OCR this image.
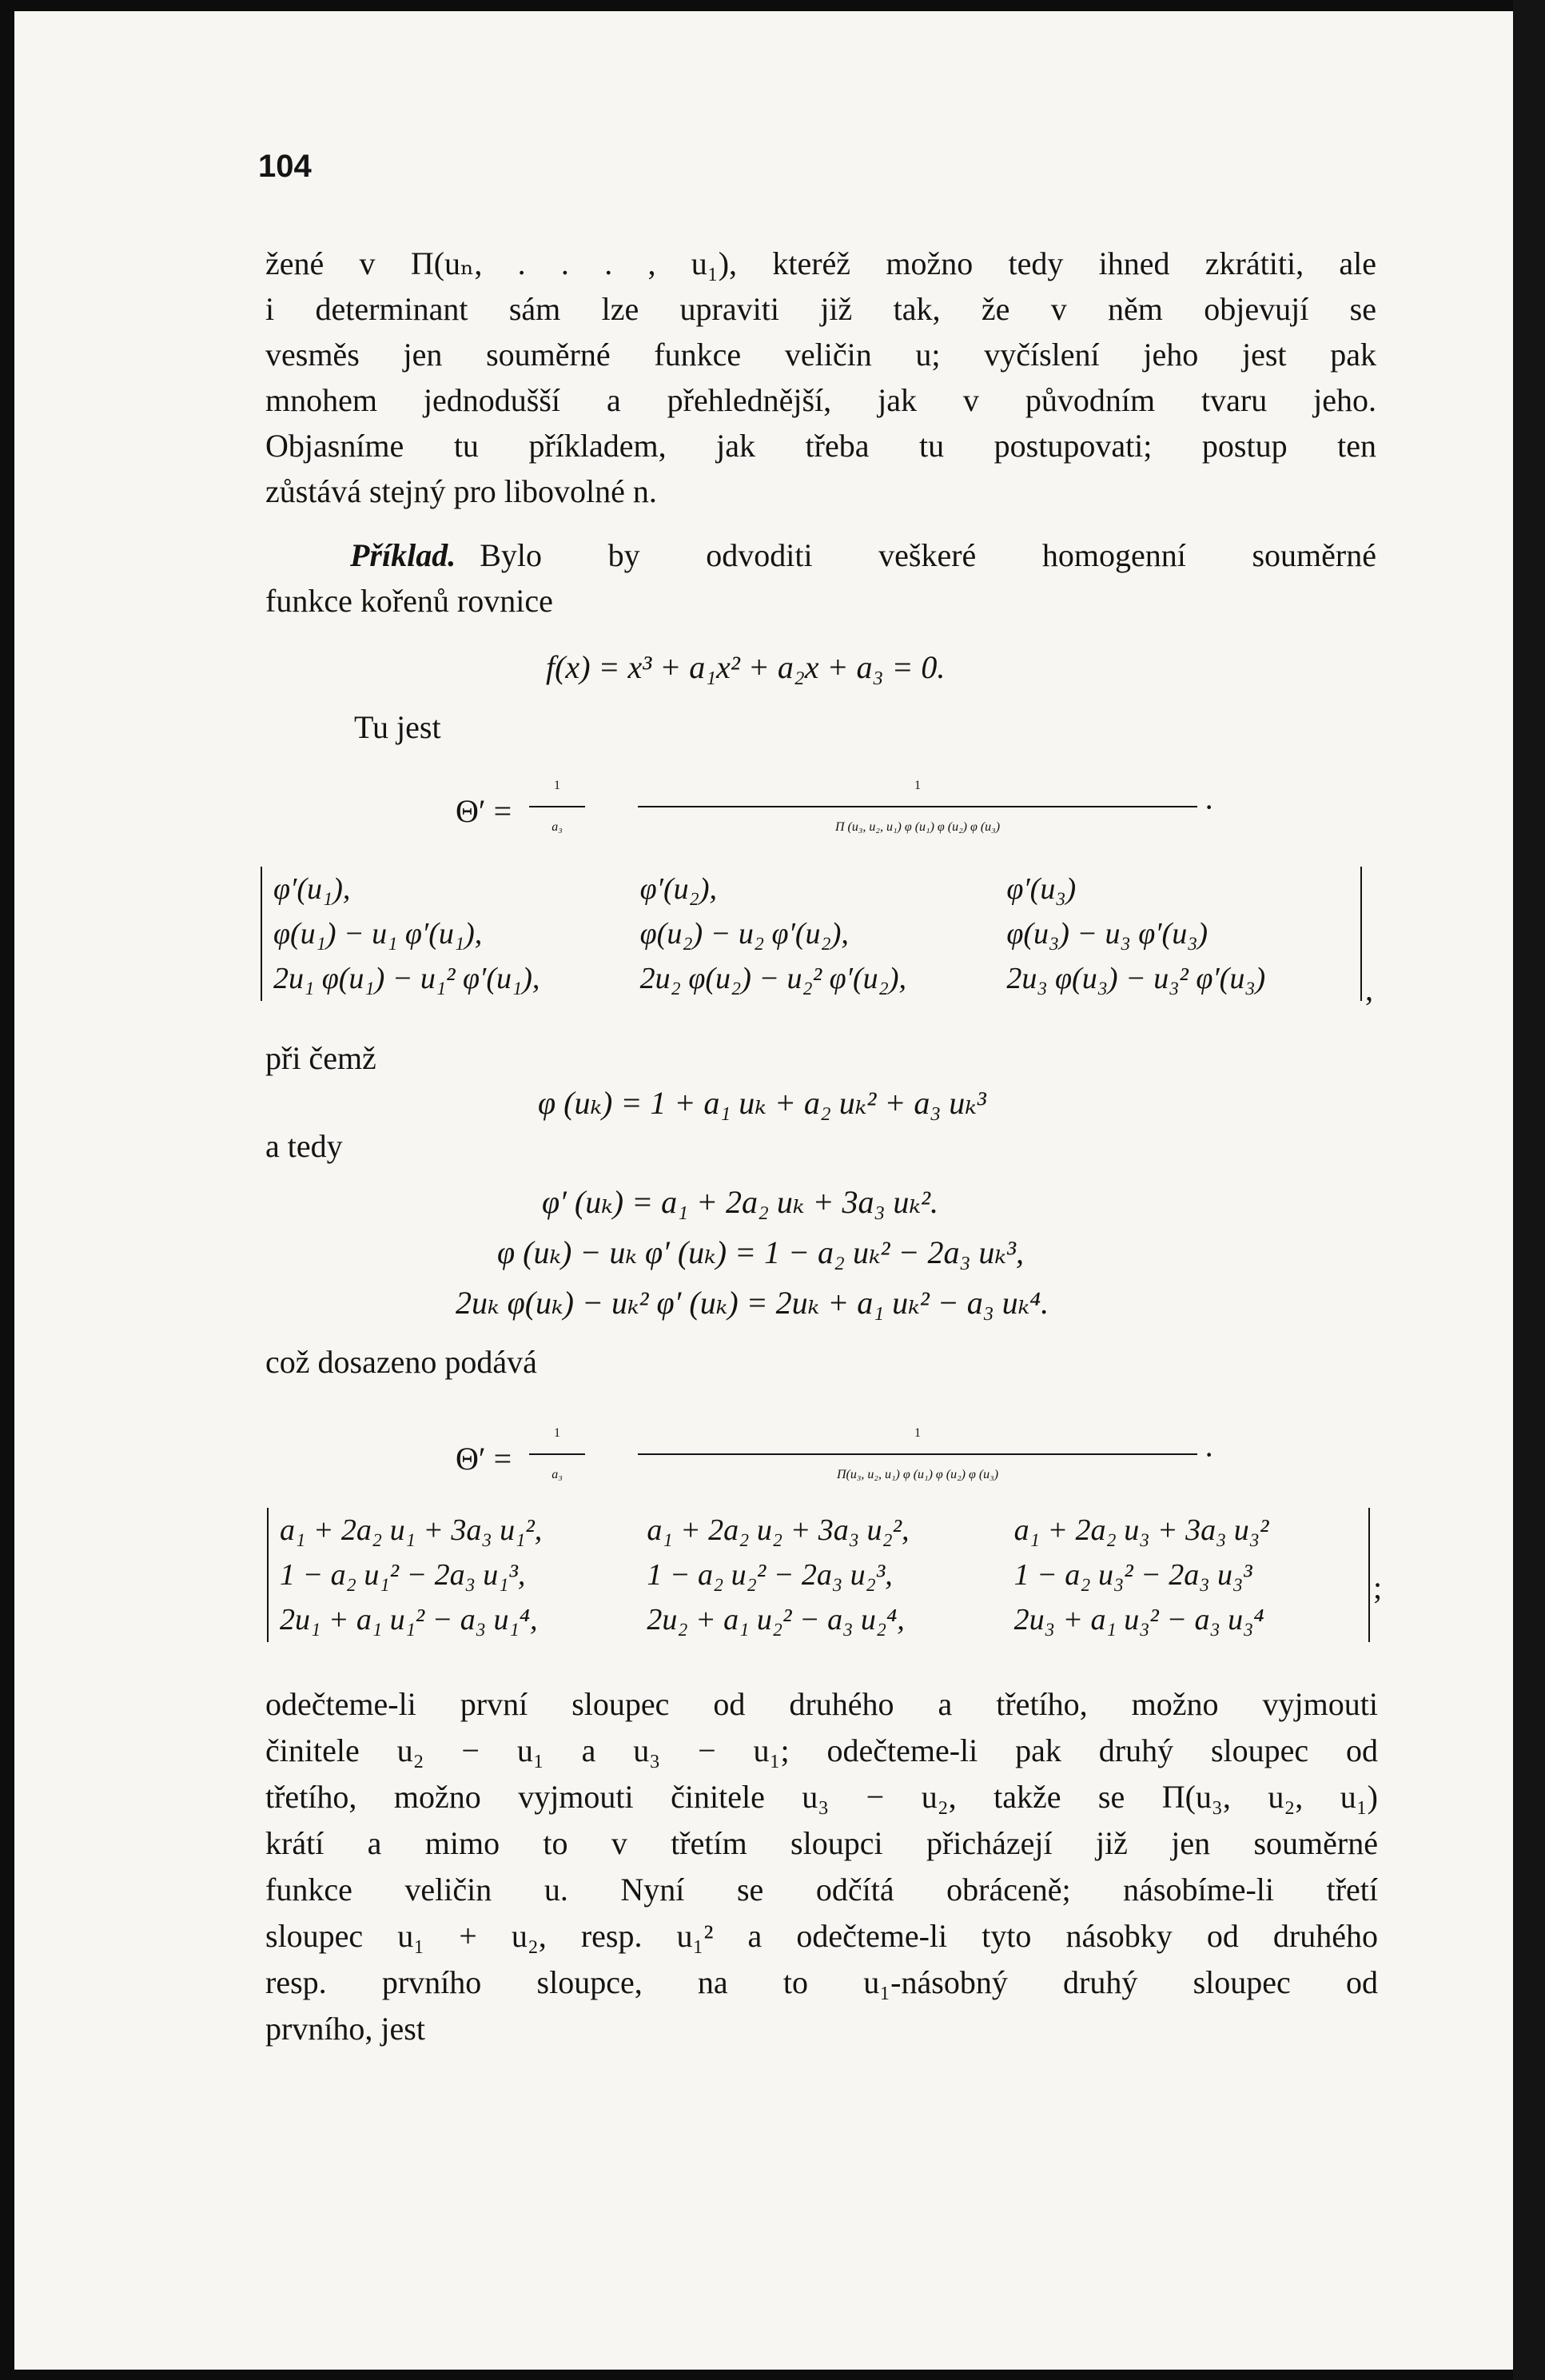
104
žené v Π(uₙ, . . . , u₁), kteréž možno tedy ihned zkrátiti, ale
i determinant sám lze upraviti již tak, že v něm objevují se
vesměs jen souměrné funkce veličin u; vyčíslení jeho jest pak
mnohem jednodušší a přehlednější, jak v původním tvaru jeho.
Objasníme tu příkladem, jak třeba tu postupovati; postup ten
zůstává stejný pro libovolné n.
Příklad. Bylo by odvoditi veškeré homogenní souměrné
funkce kořenů rovnice
f(x) = x³ + a₁x² + a₂x + a₃ = 0.
Tu jest
$\Theta' = \frac{1}{\text{a₃}}$	$\frac{1}{\text{Π (u₃, u₂, u₁) φ (u₁) φ (u₂) φ (u₃)}}$ ·
φ′(u₁),	φ′(u₂),	φ′(u₃)
φ(u₁) − u₁ φ′(u₁),	φ(u₂) − u₂ φ′(u₂),	φ(u₃) − u₃ φ′(u₃)
2u₁ φ(u₁) − u₁² φ′(u₁),	2u₂ φ(u₂) − u₂² φ′(u₂),	2u₃ φ(u₃) − u₃² φ′(u₃)	,
při čemž
φ (uₖ) = 1 + a₁ uₖ + a₂ uₖ² + a₃ uₖ³
a tedy
φ′ (uₖ) = a₁ + 2a₂ uₖ + 3a₃ uₖ².
φ (uₖ) − uₖ φ′ (uₖ) = 1 − a₂ uₖ² − 2a₃ uₖ³,
2uₖ φ(uₖ) − uₖ² φ′ (uₖ) = 2uₖ + a₁ uₖ² − a₃ uₖ⁴.
což dosazeno podává
$\Theta' = \frac{1}{\text{a₃}}$	$\frac{1}{\text{Π(u₃, u₂, u₁) φ (u₁) φ (u₂) φ (u₃)}}$ ·
a₁ + 2a₂ u₁ + 3a₃ u₁²,	a₁ + 2a₂ u₂ + 3a₃ u₂²,	a₁ + 2a₂ u₃ + 3a₃ u₃²
1 − a₂ u₁² − 2a₃ u₁³,	1 − a₂ u₂² − 2a₃ u₂³,	1 − a₂ u₃² − 2a₃ u₃³
2u₁ + a₁ u₁² − a₃ u₁⁴,	2u₂ + a₁ u₂² − a₃ u₂⁴,	2u₃ + a₁ u₃² − a₃ u₃⁴
;
odečteme-li první sloupec od druhého a třetího, možno vyjmouti
činitele u₂ − u₁ a u₃ − u₁; odečteme-li pak druhý sloupec od
třetího, možno vyjmouti činitele u₃ − u₂, takže se Π(u₃, u₂, u₁)
krátí a mimo to v třetím sloupci přicházejí již jen souměrné
funkce veličin u. Nyní se odčítá obráceně; násobíme-li třetí
sloupec u₁ + u₂, resp. u₁² a odečteme-li tyto násobky od druhého
resp. prvního sloupce, na to u₁-násobný druhý sloupec od
prvního, jest
